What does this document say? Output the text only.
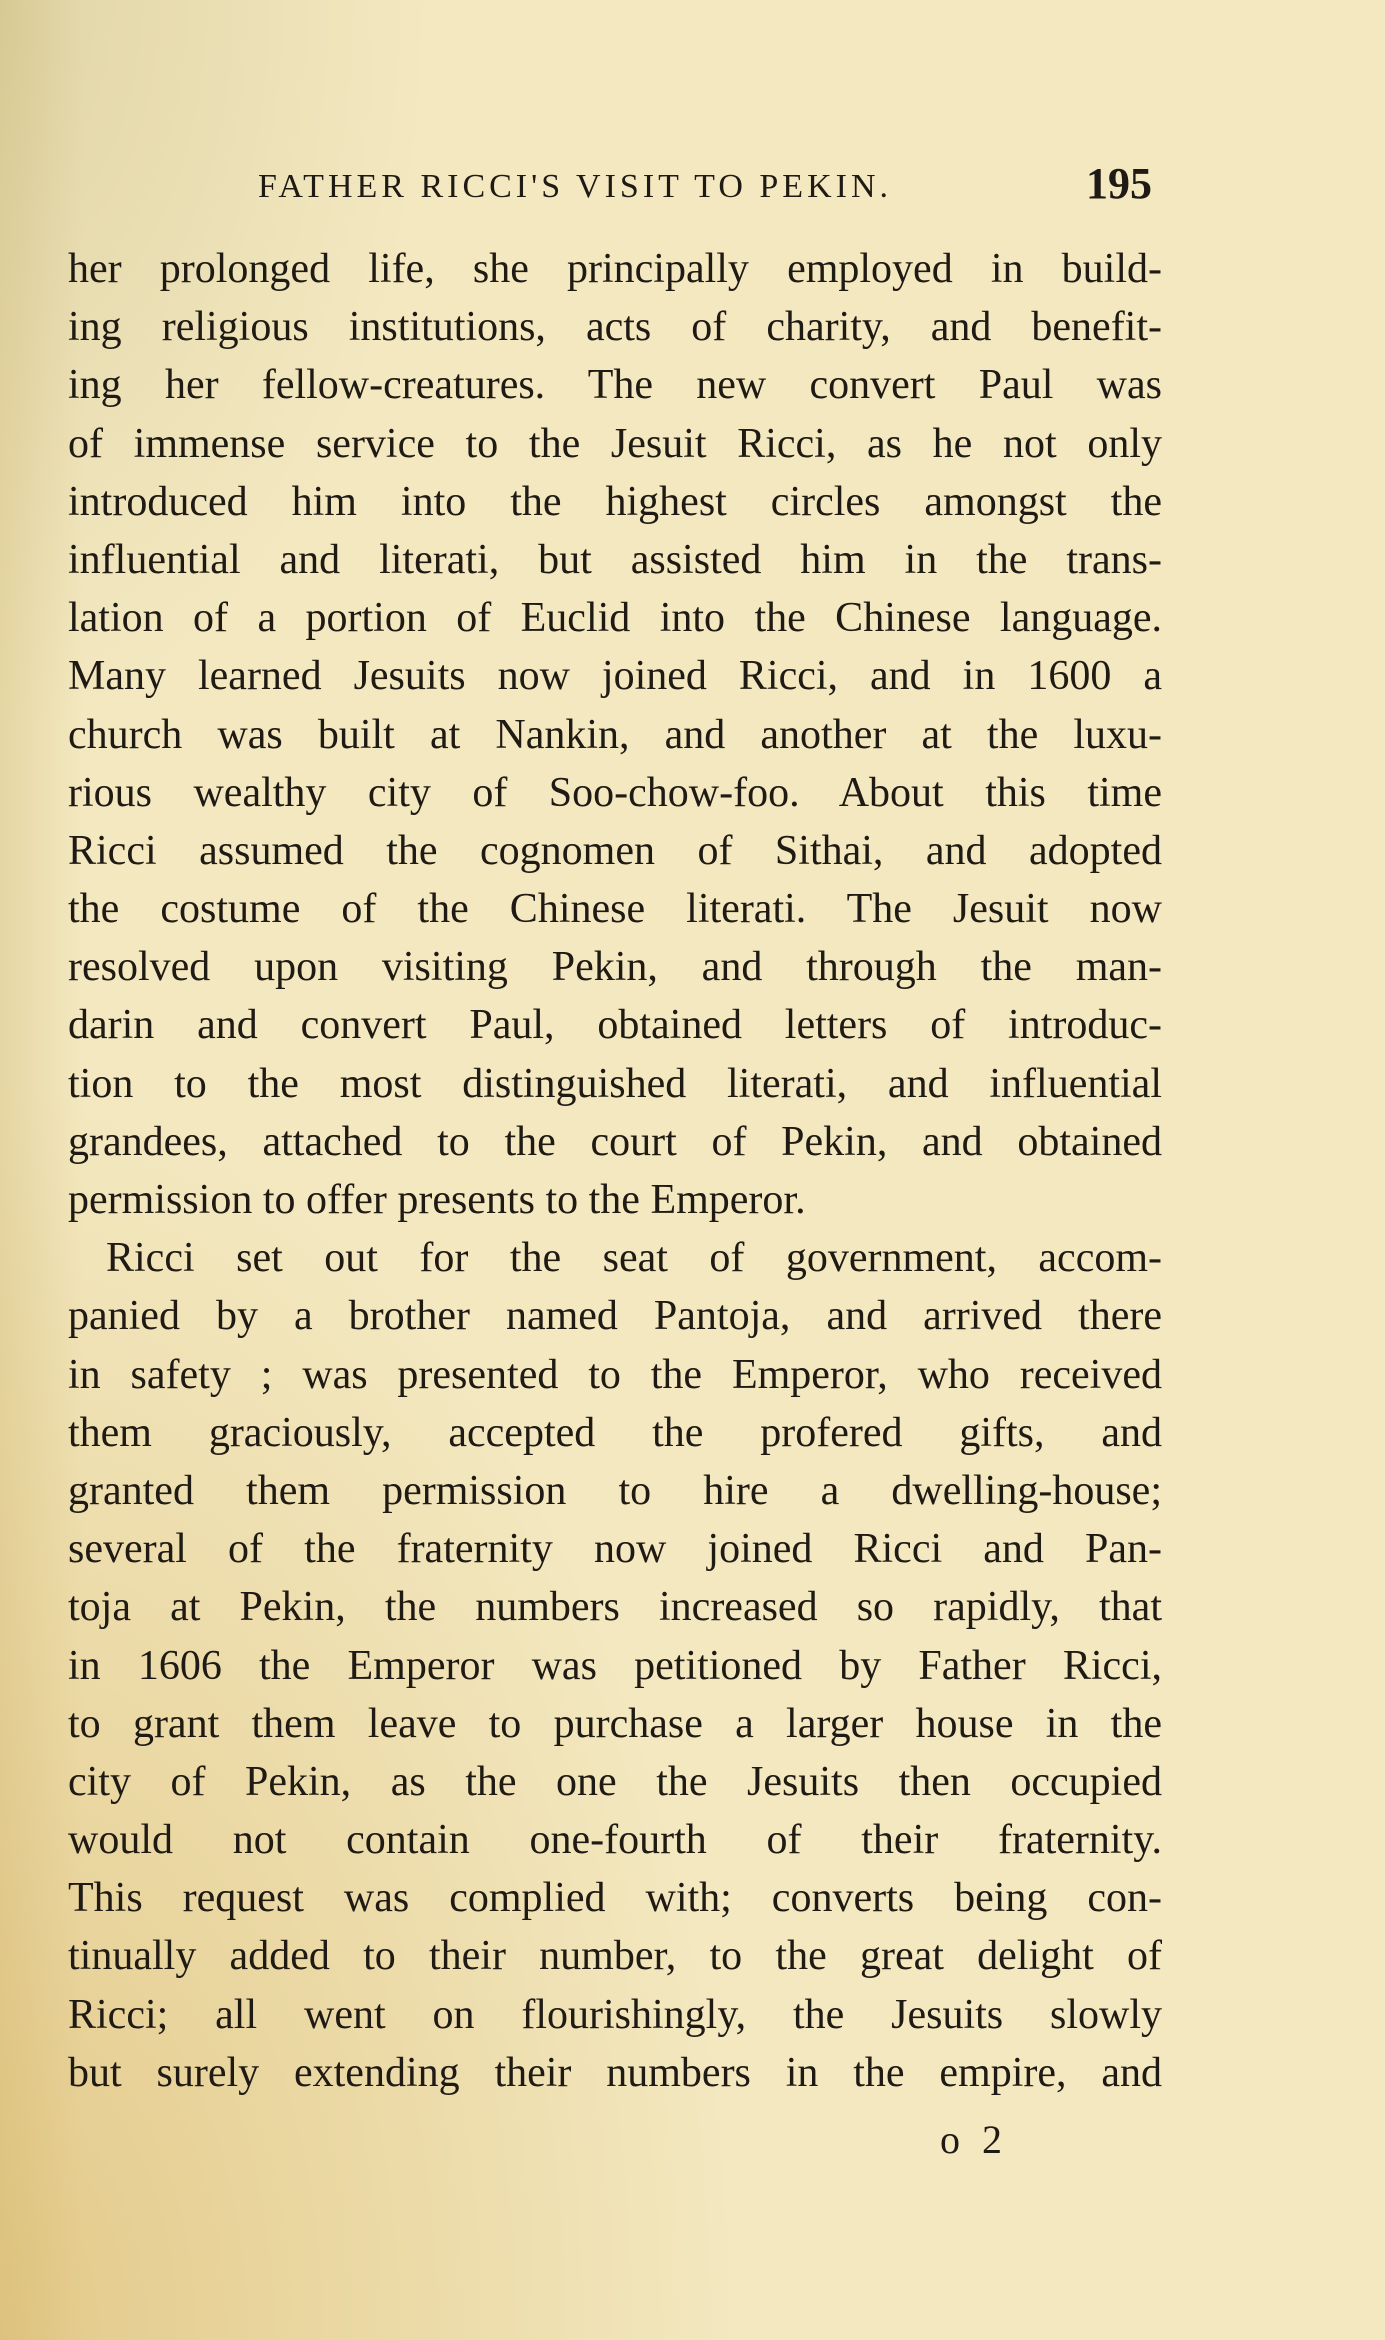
FATHER RICCI'S VISIT TO PEKIN.	195
her prolonged life, she principally employed in build-
ing religious institutions, acts of charity, and benefit-
ing her fellow-creatures. The new convert Paul was
of immense service to the Jesuit Ricci, as he not only
introduced him into the highest circles amongst the
influential and literati, but assisted him in the trans-
lation of a portion of Euclid into the Chinese language.
Many learned Jesuits now joined Ricci, and in 1600 a
church was built at Nankin, and another at the luxu-
rious wealthy city of Soo-chow-foo. About this time
Ricci assumed the cognomen of Sithai, and adopted
the costume of the Chinese literati. The Jesuit now
resolved upon visiting Pekin, and through the man-
darin and convert Paul, obtained letters of introduc-
tion to the most distinguished literati, and influential
grandees, attached to the court of Pekin, and obtained
permission to offer presents to the Emperor.
Ricci set out for the seat of government, accom-
panied by a brother named Pantoja, and arrived there
in safety ; was presented to the Emperor, who received
them graciously, accepted the profered gifts, and
granted them permission to hire a dwelling-house;
several of the fraternity now joined Ricci and Pan-
toja at Pekin, the numbers increased so rapidly, that
in 1606 the Emperor was petitioned by Father Ricci,
to grant them leave to purchase a larger house in the
city of Pekin, as the one the Jesuits then occupied
would not contain one-fourth of their fraternity.
This request was complied with; converts being con-
tinually added to their number, to the great delight of
Ricci; all went on flourishingly, the Jesuits slowly
but surely extending their numbers in the empire, and
o 2
